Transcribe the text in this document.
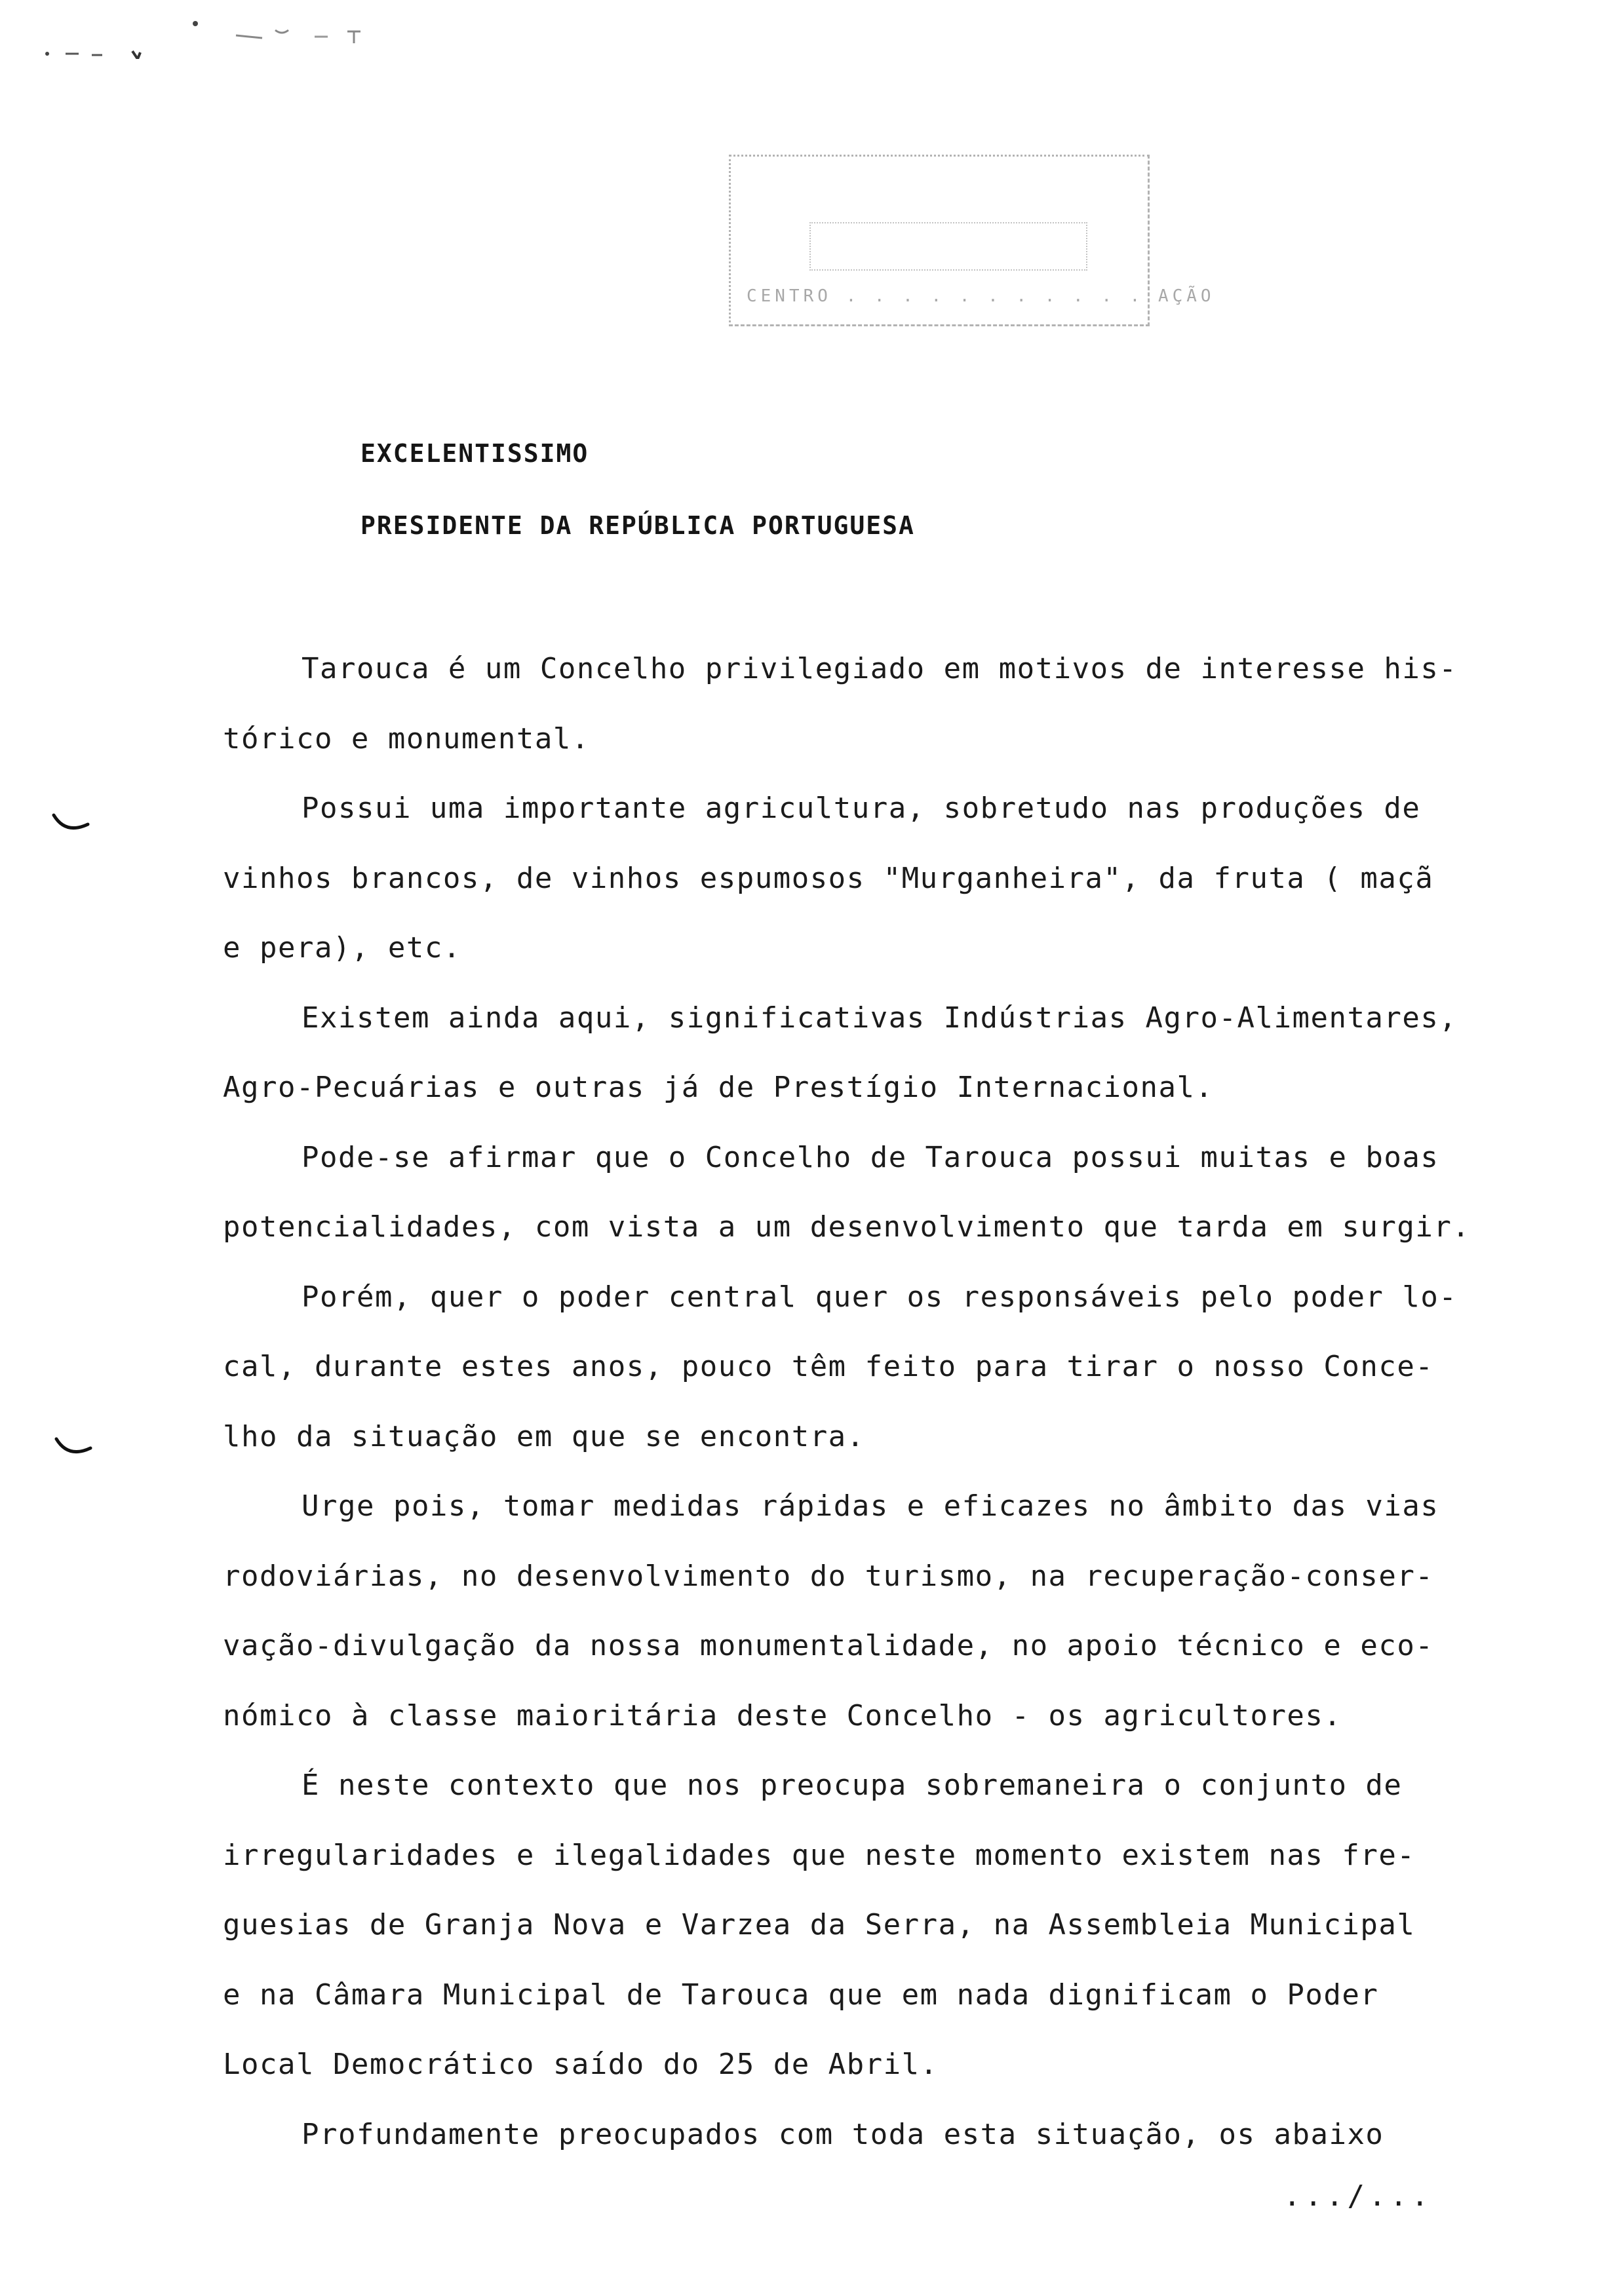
CENTRO . . . . . . . . . . . AÇÃO
EXCELENTISSIMO
PRESIDENTE DA REPÚBLICA PORTUGUESA
Tarouca é um Concelho privilegiado em motivos de interesse his-
tórico e monumental.
Possui uma importante agricultura, sobretudo nas produções de
vinhos brancos, de vinhos espumosos "Murganheira", da fruta ( maçã
e pera), etc.
Existem ainda aqui, significativas Indústrias Agro-Alimentares,
Agro-Pecuárias e outras já de Prestígio Internacional.
Pode-se afirmar que o Concelho de Tarouca possui muitas e boas
potencialidades, com vista a um desenvolvimento que tarda em surgir.
Porém, quer o poder central quer os responsáveis pelo poder lo-
cal, durante estes anos, pouco têm feito para tirar o nosso Conce-
lho da situação em que se encontra.
Urge pois, tomar medidas rápidas e eficazes no âmbito das vias
rodoviárias, no desenvolvimento do turismo, na recuperação-conser-
vação-divulgação da nossa monumentalidade, no apoio técnico e eco-
nómico à classe maioritária deste Concelho - os agricultores.
É neste contexto que nos preocupa sobremaneira o conjunto de
irregularidades e ilegalidades que neste momento existem nas fre-
guesias de Granja Nova e Varzea da Serra, na Assembleia Municipal
e na Câmara Municipal de Tarouca que em nada dignificam o Poder
Local Democrático saído do 25 de Abril.
Profundamente preocupados com toda esta situação, os abaixo
.../...
